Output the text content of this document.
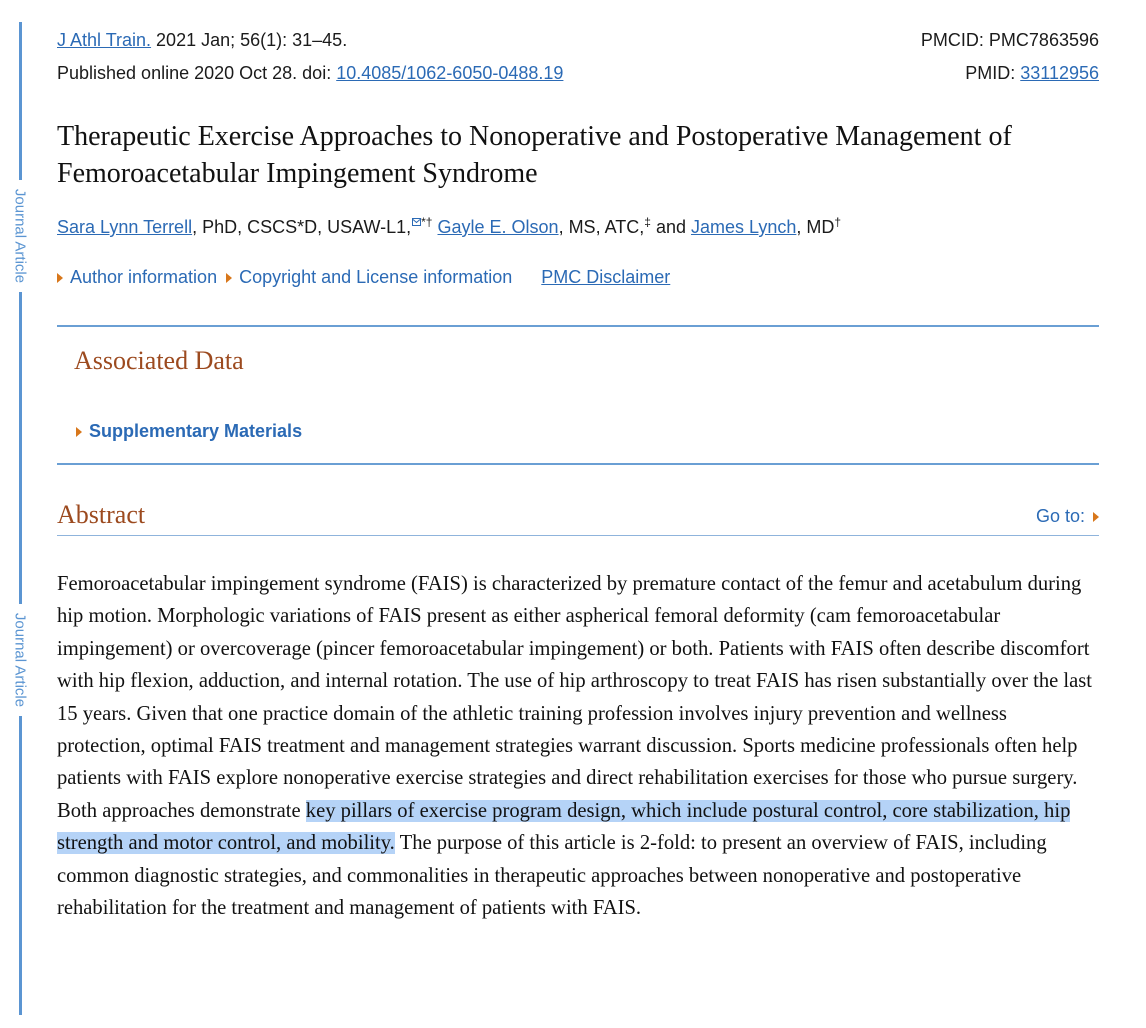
Journal Article
Journal Article
J Athl Train. 2021 Jan; 56(1): 31–45.	PMCID: PMC7863596
Published online 2020 Oct 28. doi: 10.4085/1062-6050-0488.19	PMID: 33112956
Therapeutic Exercise Approaches to Nonoperative and Postoperative Management of Femoroacetabular Impingement Syndrome
Sara Lynn Terrell, PhD, CSCS*D, USAW-L1, *† Gayle E. Olson, MS, ATC,‡ and James Lynch, MD†
Author information Copyright and License information PMC Disclaimer
Associated Data
Supplementary Materials
Abstract	Go to:

Femoroacetabular impingement syndrome (FAIS) is characterized by premature contact of the femur and acetabulum during hip motion. Morphologic variations of FAIS present as either aspherical femoral deformity (cam femoroacetabular impingement) or overcoverage (pincer femoroacetabular impingement) or both. Patients with FAIS often describe discomfort with hip flexion, adduction, and internal rotation. The use of hip arthroscopy to treat FAIS has risen substantially over the last 15 years. Given that one practice domain of the athletic training profession involves injury prevention and wellness protection, optimal FAIS treatment and management strategies warrant discussion. Sports medicine professionals often help patients with FAIS explore nonoperative exercise strategies and direct rehabilitation exercises for those who pursue surgery. Both approaches demonstrate key pillars of exercise program design, which include postural control, core stabilization, hip strength and motor control, and mobility. The purpose of this article is 2-fold: to present an overview of FAIS, including common diagnostic strategies, and commonalities in therapeutic approaches between nonoperative and postoperative rehabilitation for the treatment and management of patients with FAIS.
